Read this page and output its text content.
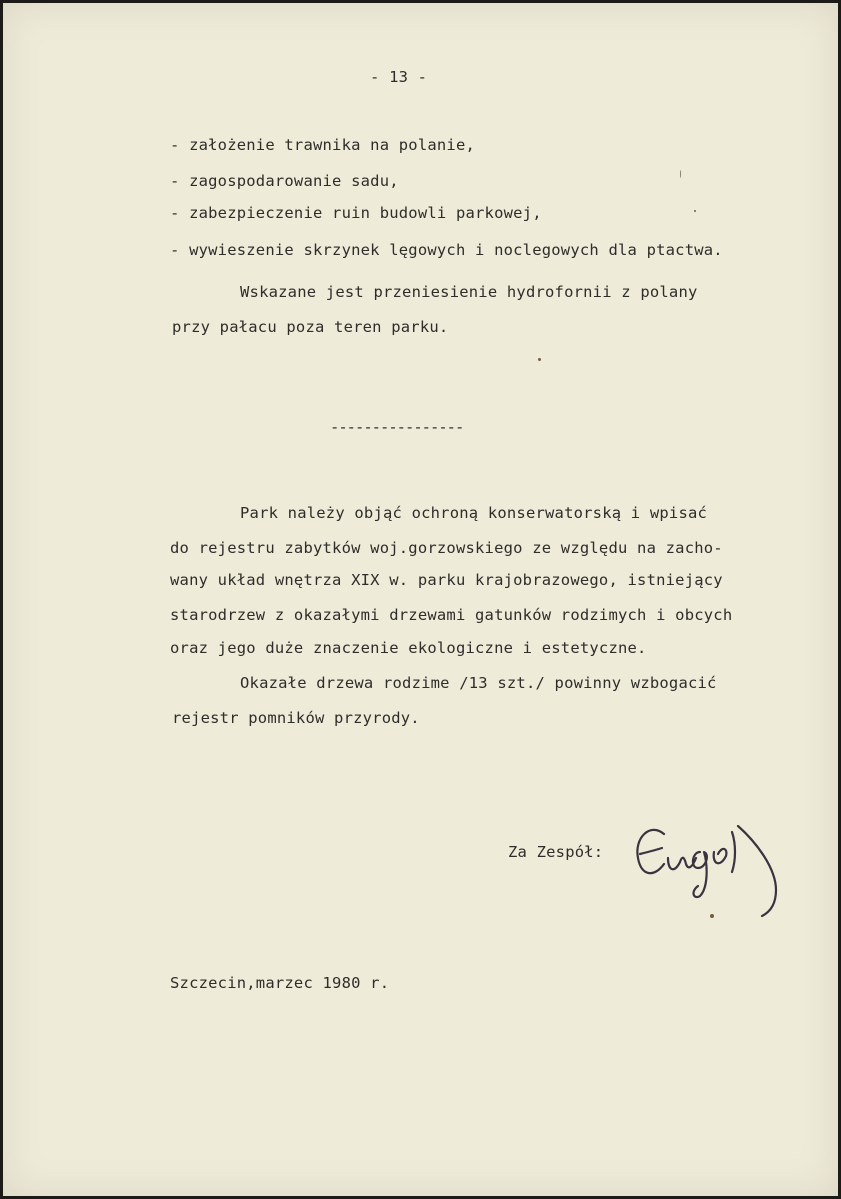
- 13 -
- założenie trawnika na polanie,
- zagospodarowanie sadu,
- zabezpieczenie ruin budowli parkowej,
- wywieszenie skrzynek lęgowych i noclegowych dla ptactwa.
Wskazane jest przeniesienie hydrofornii z polany
przy pałacu poza teren parku.
----------------
Park należy objąć ochroną konserwatorską i wpisać
do rejestru zabytków woj.gorzowskiego ze względu na zacho-
wany układ wnętrza XIX w. parku krajobrazowego, istniejący
starodrzew z okazałymi drzewami gatunków rodzimych i obcych
oraz jego duże znaczenie ekologiczne i estetyczne.
Okazałe drzewa rodzime /13 szt./ powinny wzbogacić
rejestr pomników przyrody.
Za Zespół:
Szczecin,marzec 1980 r.
